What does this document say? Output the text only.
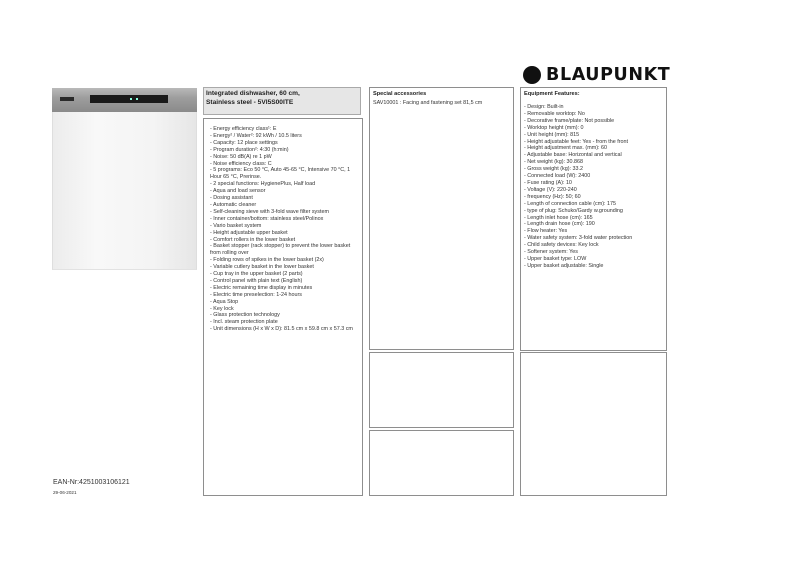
BLAUPUNKT
Integrated dishwasher, 60 cm,
Stainless steel - 5VI5S00ITE
- Energy efficiency class¹: E
- Energy² / Water²: 92 kWh / 10.5 liters
- Capacity: 12 place settings
- Program duration²: 4:30 (h:min)
- Noise: 50 dB(A) re 1 pW
- Noise efficiency class: C
- 5 programs: Eco 50 °C, Auto 45-65 °C, Intensive 70 °C, 1 Hour 65 °C, Prerinse.
- 2 special functions: HygienePlus, Half load
- Aqua and load sensor
- Dosing assistant
- Automatic cleaner
- Self-cleaning sieve with 3-fold wave filter system
- Inner container/bottom: stainless steel/Polinox
- Vario basket system
- Height adjustable upper basket
- Comfort rollers in the lower basket
- Basket stopper (rack stopper) to prevent the lower basket from rolling over
- Folding rows of spikes in the lower basket (2x)
- Variable cutlery basket in the lower basket
- Cup tray in the upper basket (2 parts)
- Control panel with plain text (English)
- Electric remaining time display in minutes
- Electric time preselection: 1-24 hours
- Aqua Stop
- Key lock
- Glass protection technology
- Incl. steam protection plate
- Unit dimensions (H x W x D): 81.5 cm x 59.8 cm x 57.3 cm
Special accessories
SAV10001 : Facing and fastening set 81,5 cm
Equipment Features:
- Design: Built-in
- Removable worktop: No
- Decorative frame/plate: Not possible
- Worktop height (mm): 0
- Unit height (mm): 815
- Height adjustable feet: Yes - from the front
- Height adjustment max. (mm): 60
- Adjustable base: Horizontal and vertical
- Net weight (kg): 30.868
- Gross weight (kg): 33.2
- Connected load (W): 2400
- Fuse rating (A): 10
- Voltage (V): 220-240
- frequency (Hz): 50; 60
- Length of connection cable (cm): 175
- type of plug: Schuko/Gardy w.grounding
- Length inlet hose (cm): 165
- Length drain hose (cm): 190
- Flow heater: Yes
- Water safety system: 3-fold water protection
- Child safety devices: Key lock
- Softener system: Yes
- Upper basket type: LOW
- Upper basket adjustable: Single
EAN-Nr:4251003106121
29-06-2021
